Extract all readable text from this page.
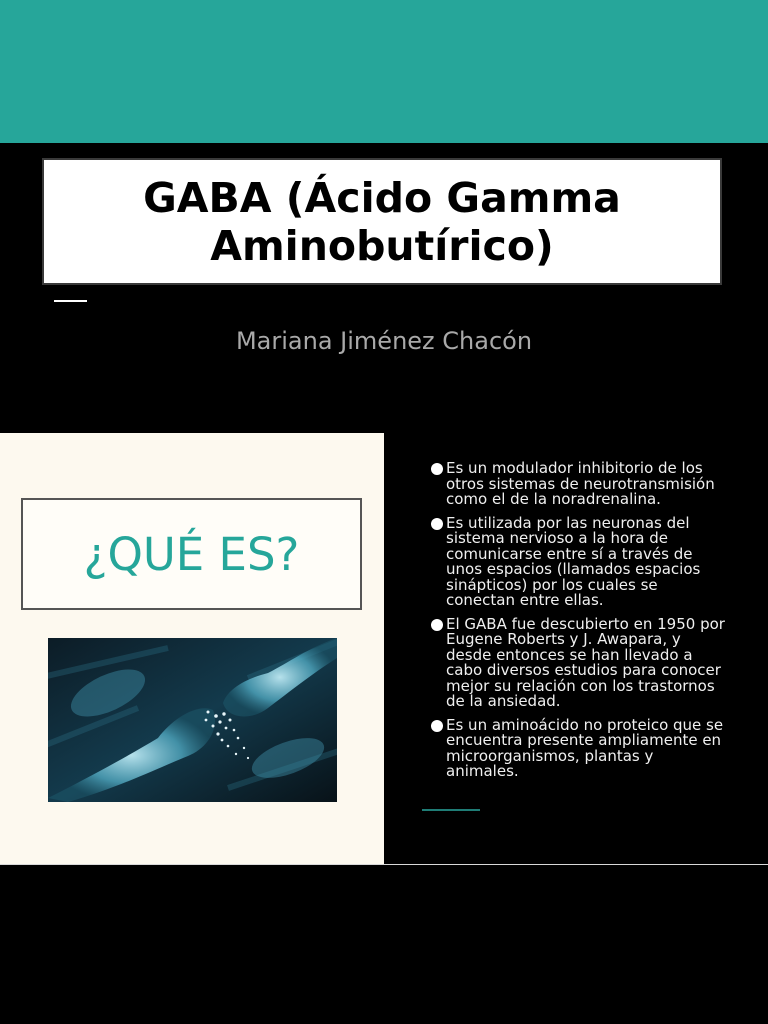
GABA (Ácido Gamma Aminobutírico)
Mariana Jiménez Chacón
¿QUÉ ES?
Es un modulador inhibitorio de los otros sistemas de neurotransmisión como el de la noradrenalina.
Es utilizada por las neuronas del sistema nervioso a la hora de comunicarse entre sí a través de unos espacios (llamados espacios sinápticos) por los cuales se conectan entre ellas.
El GABA fue descubierto en 1950 por Eugene Roberts y J. Awapara, y desde entonces se han llevado a cabo diversos estudios para conocer mejor su relación con los trastornos de la ansiedad.
Es un aminoácido no proteico que se encuentra presente ampliamente en microorganismos, plantas y animales.
